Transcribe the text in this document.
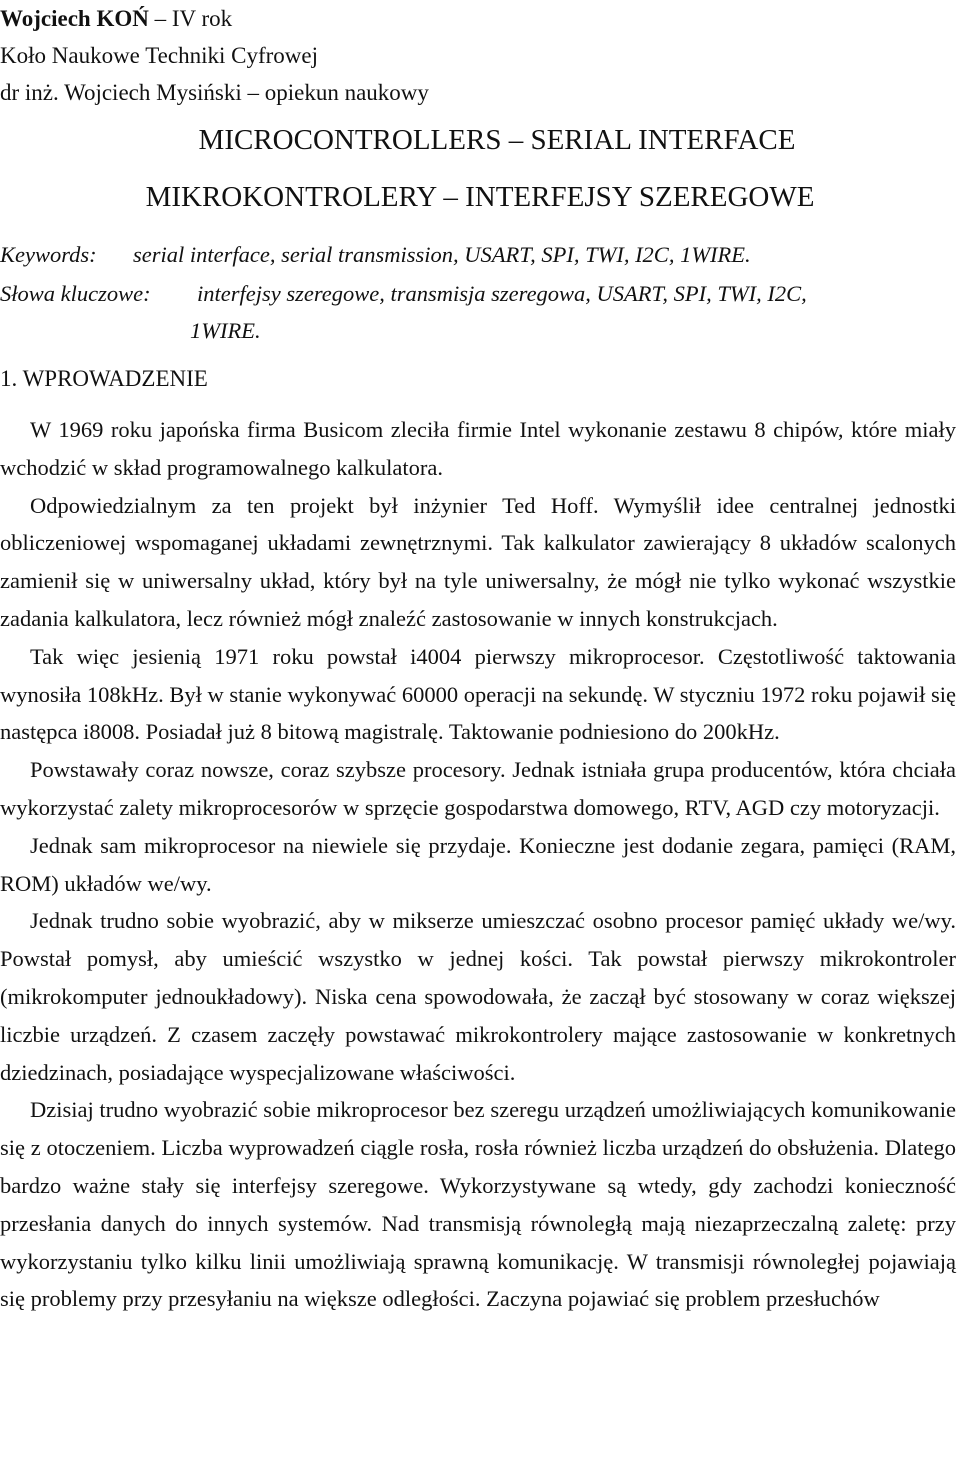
Wojciech KOŃ – IV rok
Koło Naukowe Techniki Cyfrowej
dr inż. Wojciech Mysiński – opiekun naukowy
MICROCONTROLLERS – SERIAL INTERFACE
MIKROKONTROLERY – INTERFEJSY SZEREGOWE
Keywords: serial interface, serial transmission, USART, SPI, TWI, I2C, 1WIRE.
Słowa kluczowe: interfejsy szeregowe, transmisja szeregowa, USART, SPI, TWI, I2C,
1WIRE.
1. WPROWADZENIE

W 1969 roku japońska firma Busicom zleciła firmie Intel wykonanie zestawu 8 chipów, które miały wchodzić w skład programowalnego kalkulatora.

Odpowiedzialnym za ten projekt był inżynier Ted Hoff. Wymyślił idee centralnej jednostki obliczeniowej wspomaganej układami zewnętrznymi. Tak kalkulator zawierający 8 układów scalonych zamienił się w uniwersalny układ, który był na tyle uniwersalny, że mógł nie tylko wykonać wszystkie zadania kalkulatora, lecz również mógł znaleźć zastosowanie w innych konstrukcjach.

Tak więc jesienią 1971 roku powstał i4004 pierwszy mikroprocesor. Częstotliwość taktowania wynosiła 108kHz. Był w stanie wykonywać 60000 operacji na sekundę. W styczniu 1972 roku pojawił się następca i8008. Posiadał już 8 bitową magistralę. Taktowanie podniesiono do 200kHz.

Powstawały coraz nowsze, coraz szybsze procesory. Jednak istniała grupa producentów, która chciała wykorzystać zalety mikroprocesorów w sprzęcie gospodarstwa domowego, RTV, AGD czy motoryzacji.

Jednak sam mikroprocesor na niewiele się przydaje. Konieczne jest dodanie zegara, pamięci (RAM, ROM) układów we/wy.

Jednak trudno sobie wyobrazić, aby w mikserze umieszczać osobno procesor pamięć układy we/wy. Powstał pomysł, aby umieścić wszystko w jednej kości. Tak powstał pierwszy mikrokontroler (mikrokomputer jednoukładowy). Niska cena spowodowała, że zaczął być stosowany w coraz większej liczbie urządzeń. Z czasem zaczęły powstawać mikrokontrolery mające zastosowanie w konkretnych dziedzinach, posiadające wyspecjalizowane właściwości.

Dzisiaj trudno wyobrazić sobie mikroprocesor bez szeregu urządzeń umożliwiających komunikowanie się z otoczeniem. Liczba wyprowadzeń ciągle rosła, rosła również liczba urządzeń do obsłużenia. Dlatego bardzo ważne stały się interfejsy szeregowe. Wykorzystywane są wtedy, gdy zachodzi konieczność przesłania danych do innych systemów. Nad transmisją równoległą mają niezaprzeczalną zaletę: przy wykorzystaniu tylko kilku linii umożliwiają sprawną komunikację. W transmisji równoległej pojawiają się problemy przy przesyłaniu na większe odległości. Zaczyna pojawiać się problem przesłuchów
